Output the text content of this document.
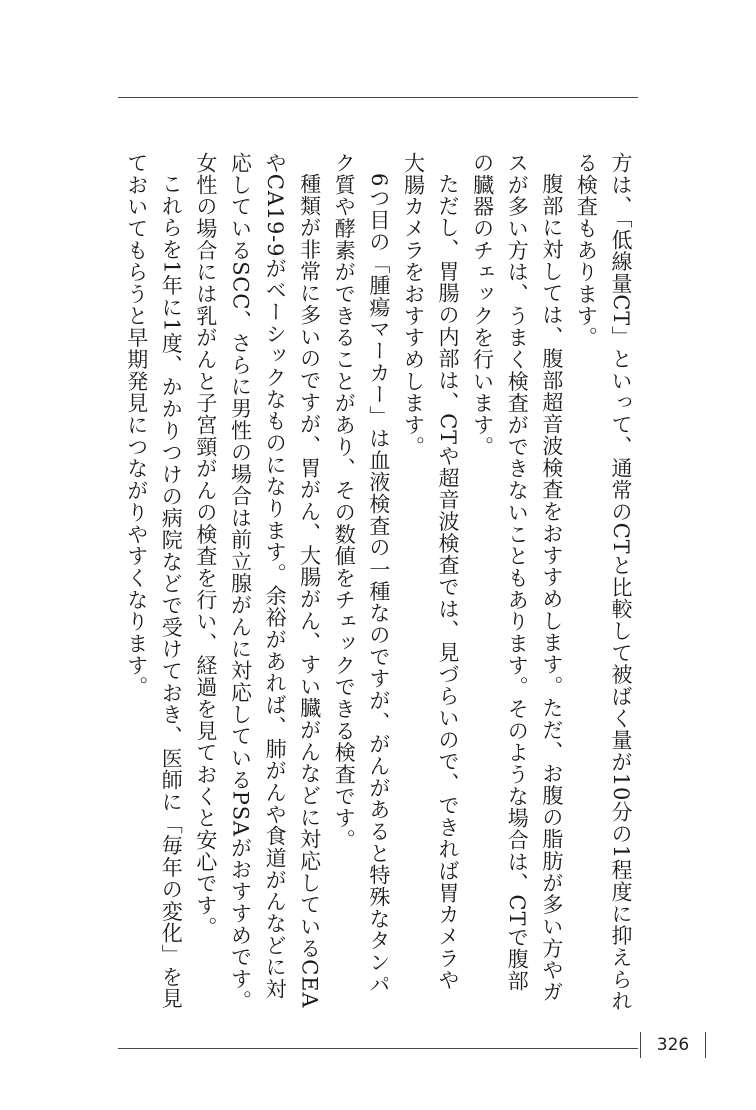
方は、「低線量CT」といって、通常のCTと比較して被ばく量が10分の1程度に抑えられる検査もあります。

腹部に対しては、腹部超音波検査をおすすめします。ただ、お腹の脂肪が多い方やガスが多い方は、うまく検査ができないこともあります。そのような場合は、CTで腹部の臓器のチェックを行います。

ただし、胃腸の内部は、CTや超音波検査では、見づらいので、できれば胃カメラや大腸カメラをおすすめします。

6つ目の「腫瘍マーカー」は血液検査の一種なのですが、がんがあると特殊なタンパク質や酵素ができることがあり、その数値をチェックできる検査です。

種類が非常に多いのですが、胃がん、大腸がん、すい臓がんなどに対応しているCEAやCA19-9がベーシックなものになります。余裕があれば、肺がんや食道がんなどに対応しているSCC、さらに男性の場合は前立腺がんに対応しているPSAがおすすめです。女性の場合には乳がんと子宮頸がんの検査を行い、経過を見ておくと安心です。

これらを1年に1度、かかりつけの病院などで受けておき、医師に「毎年の変化」を見ておいてもらうと早期発見につながりやすくなります。

326
